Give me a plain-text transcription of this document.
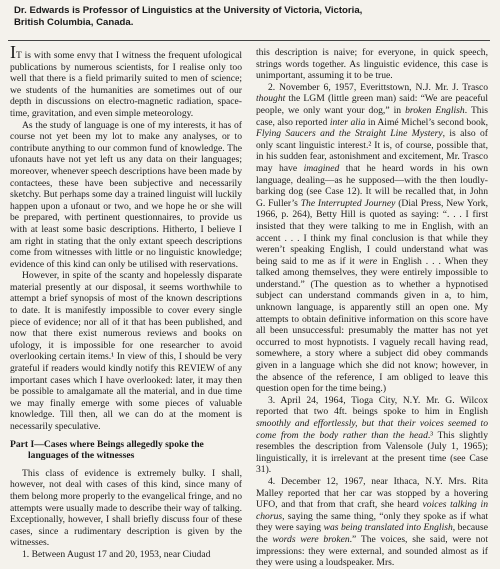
Dr. Edwards is Professor of Linguistics at the University of Victoria, Victoria,
British Columbia, Canada.

IT is with some envy that I witness the frequent ufological publications by numerous scientists, for I realise only too well that there is a field primarily suited to men of science; we students of the humanities are sometimes out of our depth in discussions on electro-magnetic radiation, space-time, gravitation, and even simple meteorology.

As the study of language is one of my interests, it has of course not yet been my lot to make any analyses, or to contribute anything to our common fund of knowledge. The ufonauts have not yet left us any data on their languages; moreover, whenever speech descriptions have been made by contactees, these have been subjective and necessarily sketchy. But perhaps some day a trained linguist will luckily happen upon a ufonaut or two, and we hope he or she will be prepared, with pertinent questionnaires, to provide us with at least some basic descriptions. Hitherto, I believe I am right in stating that the only extant speech descriptions come from witnesses with little or no linguistic knowledge; evidence of this kind can only be utilised with reservations.

However, in spite of the scanty and hopelessly disparate material presently at our disposal, it seems worthwhile to attempt a brief synopsis of most of the known descriptions to date. It is manifestly impossible to cover every single piece of evidence; nor all of it that has been published, and now that there exist numerous reviews and books on ufology, it is impossible for one researcher to avoid overlooking certain items.¹ In view of this, I should be very grateful if readers would kindly notify this REVIEW of any important cases which I have overlooked: later, it may then be possible to amalgamate all the material, and in due time we may finally emerge with some pieces of valuable knowledge. Till then, all we can do at the moment is necessarily speculative.

Part I—Cases where Beings allegedly spoke the
languages of the witnesses

This class of evidence is extremely bulky. I shall, however, not deal with cases of this kind, since many of them belong more properly to the evangelical fringe, and no attempts were usually made to describe their way of talking. Exceptionally, however, I shall briefly discuss four of these cases, since a rudimentary description is given by the witnesses.

1. Between August 17 and 20, 1953, near Ciudad

this description is naive; for everyone, in quick speech, strings words together. As linguistic evidence, this case is unimportant, assuming it to be true.

2. November 6, 1957, Everittstown, N.J. Mr. J. Trasco thought the LGM (little green man) said: “We are peaceful people, we only want your dog,” in broken English. This case, also reported inter alia in Aimé Michel’s second book, Flying Saucers and the Straight Line Mystery, is also of only scant linguistic interest.² It is, of course, possible that, in his sudden fear, astonishment and excitement, Mr. Trasco may have imagined that he heard words in his own language, dealing—as he supposed—with the then loudly-barking dog (see Case 12). It will be recalled that, in John G. Fuller’s The Interrupted Journey (Dial Press, New York, 1966, p. 264), Betty Hill is quoted as saying: “. . . I first insisted that they were talking to me in English, with an accent . . . I think my final conclusion is that while they weren’t speaking English, I could understand what was being said to me as if it were in English . . . When they talked among themselves, they were entirely impossible to understand.” (The question as to whether a hypnotised subject can understand commands given in a, to him, unknown language, is apparently still an open one. My attempts to obtain definitive information on this score have all been unsuccessful: presumably the matter has not yet occurred to most hypnotists. I vaguely recall having read, somewhere, a story where a subject did obey commands given in a language which she did not know; however, in the absence of the reference, I am obliged to leave this question open for the time being.)

3. April 24, 1964, Tioga City, N.Y. Mr. G. Wilcox reported that two 4ft. beings spoke to him in English smoothly and effortlessly, but that their voices seemed to come from the body rather than the head.³ This slightly resembles the description from Valensole (July 1, 1965); linguistically, it is irrelevant at the present time (see Case 31).

4. December 12, 1967, near Ithaca, N.Y. Mrs. Rita Malley reported that her car was stopped by a hovering UFO, and that from that craft, she heard voices talking in chorus, saying the same thing, “only they spoke as if what they were saying was being translated into English, because the words were broken.” The voices, she said, were not impressions: they were external, and sounded almost as if they were using a loudspeaker. Mrs.
